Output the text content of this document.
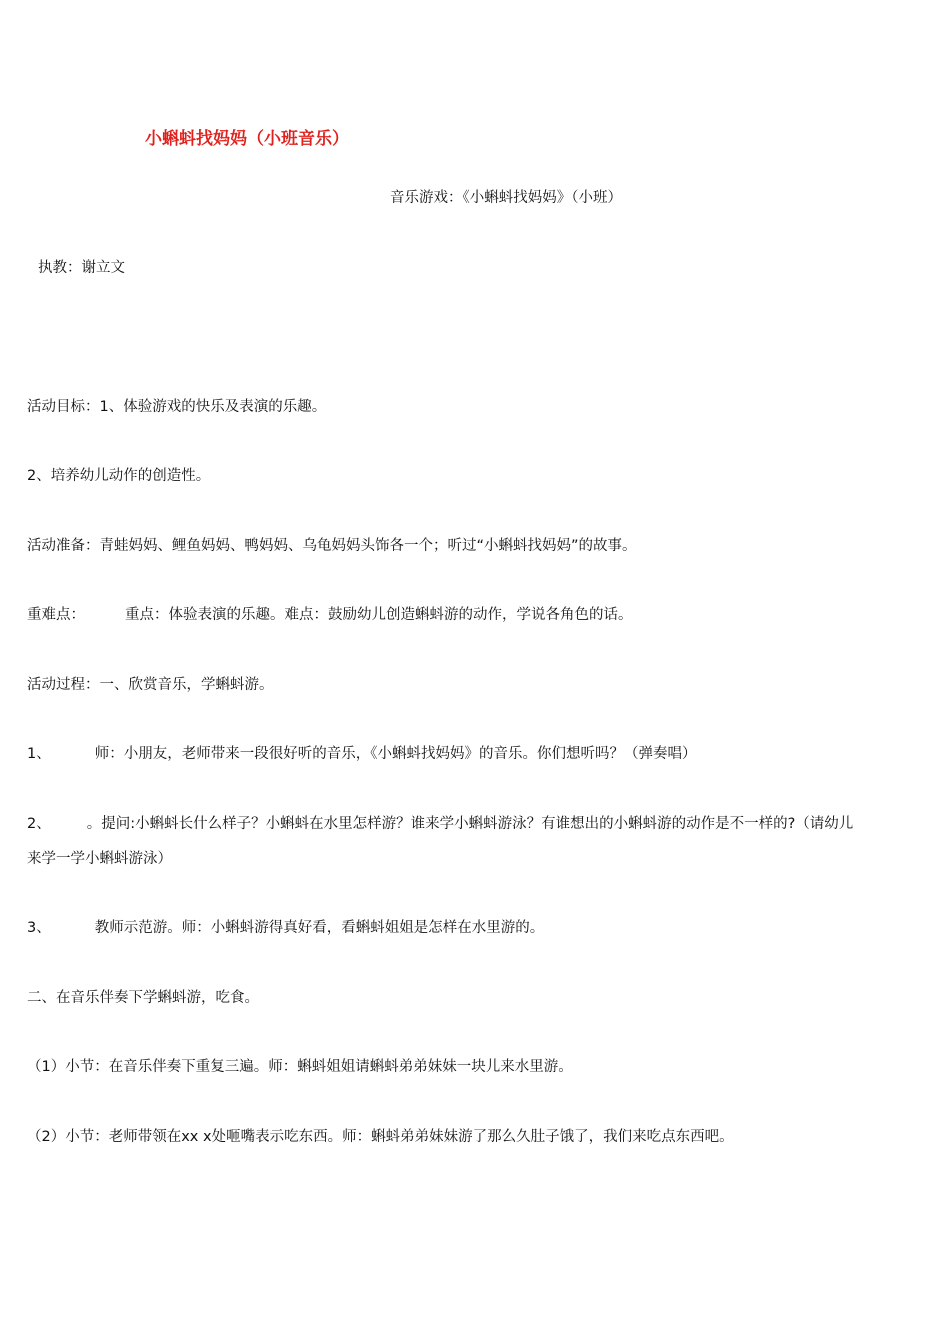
小蝌蚪找妈妈（小班音乐）
音乐游戏：《小蝌蚪找妈妈》（小班）
执教：谢立文
活动目标：1、体验游戏的快乐及表演的乐趣。
2、培养幼儿动作的创造性。
活动准备：青蛙妈妈、鲤鱼妈妈、鸭妈妈、乌龟妈妈头饰各一个；听过“小蝌蚪找妈妈”的故事。
重难点：	重点：体验表演的乐趣。难点：鼓励幼儿创造蝌蚪游的动作，学说各角色的话。
活动过程：一、欣赏音乐，学蝌蚪游。
1、	师：小朋友，老师带来一段很好听的音乐，《小蝌蚪找妈妈》的音乐。你们想听吗？（弹奏唱）
2、 。提问:小蝌蚪长什么样子？小蝌蚪在水里怎样游？谁来学小蝌蚪游泳？有谁想出的小蝌蚪游的动作是不一样的?（请幼儿
来学一学小蝌蚪游泳）
3、	教师示范游。师：小蝌蚪游得真好看，看蝌蚪姐姐是怎样在水里游的。
二、在音乐伴奏下学蝌蚪游，吃食。
（1）小节：在音乐伴奏下重复三遍。师：蝌蚪姐姐请蝌蚪弟弟妹妹一块儿来水里游。
（2）小节：老师带领在xx x处咂嘴表示吃东西。师：蝌蚪弟弟妹妹游了那么久肚子饿了，我们来吃点东西吧。
